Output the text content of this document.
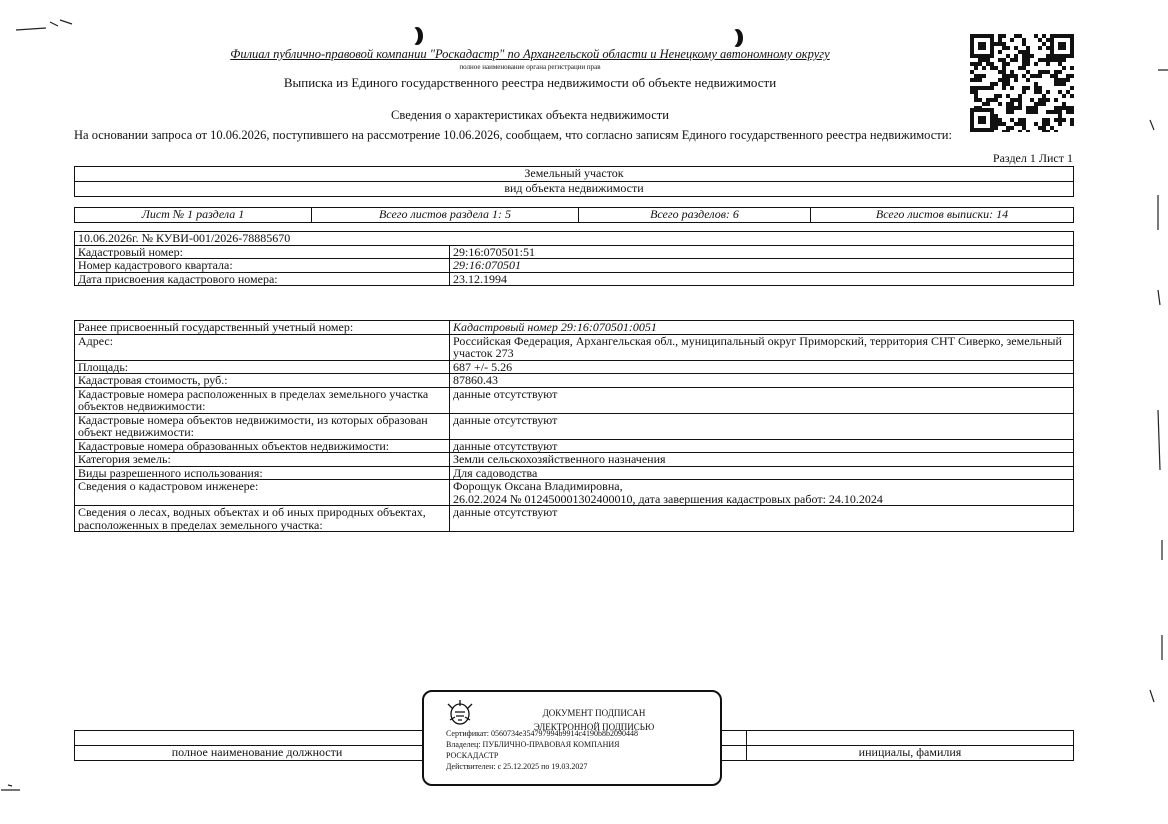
Филиал публично-правовой компании "Роскадастр" по Архангельской области и Ненецкому автономному округу
полное наименование органа регистрации прав
Выписка из Единого государственного реестра недвижимости об объекте недвижимости
Сведения о характеристиках объекта недвижимости
На основании запроса от 10.06.2026, поступившего на рассмотрение 10.06.2026, сообщаем, что согласно записям Единого государственного реестра недвижимости:
Раздел 1 Лист 1
Земельный участок
вид объекта недвижимости
Лист № 1 раздела 1	Всего листов раздела 1: 5	Всего разделов: 6	Всего листов выписки: 14
10.06.2026г. № КУВИ-001/2026-78885670	
Кадастровый номер:	29:16:070501:51
Номер кадастрового квартала:	29:16:070501
Дата присвоения кадастрового номера:	23.12.1994
Ранее присвоенный государственный учетный номер:	Кадастровый номер 29:16:070501:0051
Адрес:	Российская Федерация, Архангельская обл., муниципальный округ Приморский, территория СНТ Сиверко, земельный участок 273
Площадь:	687 +/- 5.26
Кадастровая стоимость, руб.:	87860.43
Кадастровые номера расположенных в пределах земельного участка объектов недвижимости:	данные отсутствуют
Кадастровые номера объектов недвижимости, из которых образован объект недвижимости:	данные отсутствуют
Кадастровые номера образованных объектов недвижимости:	данные отсутствуют
Категория земель:	Земли сельскохозяйственного назначения
Виды разрешенного использования:	Для садоводства
Сведения о кадастровом инженере:	Форощук Оксана Владимировна,
26.02.2024 № 012450001302400010, дата завершения кадастровых работ: 24.10.2024

Сведения о лесах, водных объектах и об иных природных объектах, расположенных в пределах земельного участка:	данные отсутствуют

полное наименование должности		инициалы, фамилия
ДОКУМЕНТ ПОДПИСАН
ЭЛЕКТРОННОЙ ПОДПИСЬЮ
Сертификат: 0560734e354797994b9914c4190b8b2090448
Владелец: ПУБЛИЧНО-ПРАВОВАЯ КОМПАНИЯ
РОСКАДАСТР
Действителен: с 25.12.2025 по 19.03.2027
